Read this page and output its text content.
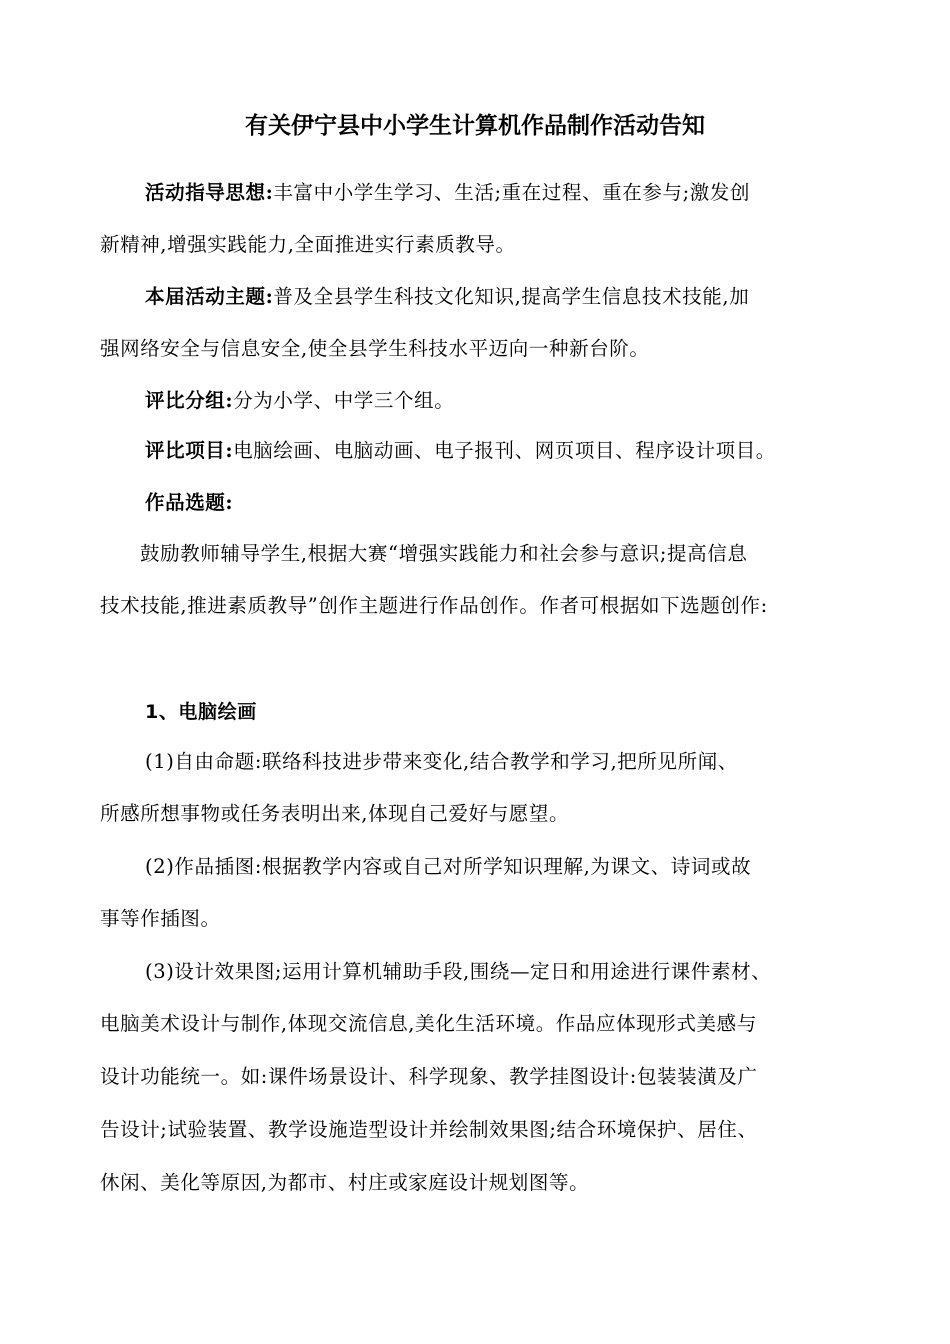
有关伊宁县中小学生计算机作品制作活动告知
活动指导思想:丰富中小学生学习、生活;重在过程、重在参与;激发创
新精神,增强实践能力,全面推进实行素质教导。
本届活动主题:普及全县学生科技文化知识,提高学生信息技术技能,加
强网络安全与信息安全,使全县学生科技水平迈向一种新台阶。
评比分组:分为小学、中学三个组。
评比项目:电脑绘画、电脑动画、电子报刊、网页项目、程序设计项目。
作品选题:
鼓励教师辅导学生,根据大赛“增强实践能力和社会参与意识;提高信息
技术技能,推进素质教导”创作主题进行作品创作。作者可根据如下选题创作:
1、电脑绘画
(1)自由命题:联络科技进步带来变化,结合教学和学习,把所见所闻、
所感所想事物或任务表明出来,体现自己爱好与愿望。
(2)作品插图:根据教学内容或自己对所学知识理解,为课文、诗词或故
事等作插图。
(3)设计效果图;运用计算机辅助手段,围绕—定日和用途进行课件素材、
电脑美术设计与制作,体现交流信息,美化生活环境。作品应体现形式美感与
设计功能统一。如:课件场景设计、科学现象、教学挂图设计:包装装潢及广
告设计;试验装置、教学设施造型设计并绘制效果图;结合环境保护、居住、
休闲、美化等原因,为都市、村庄或家庭设计规划图等。
